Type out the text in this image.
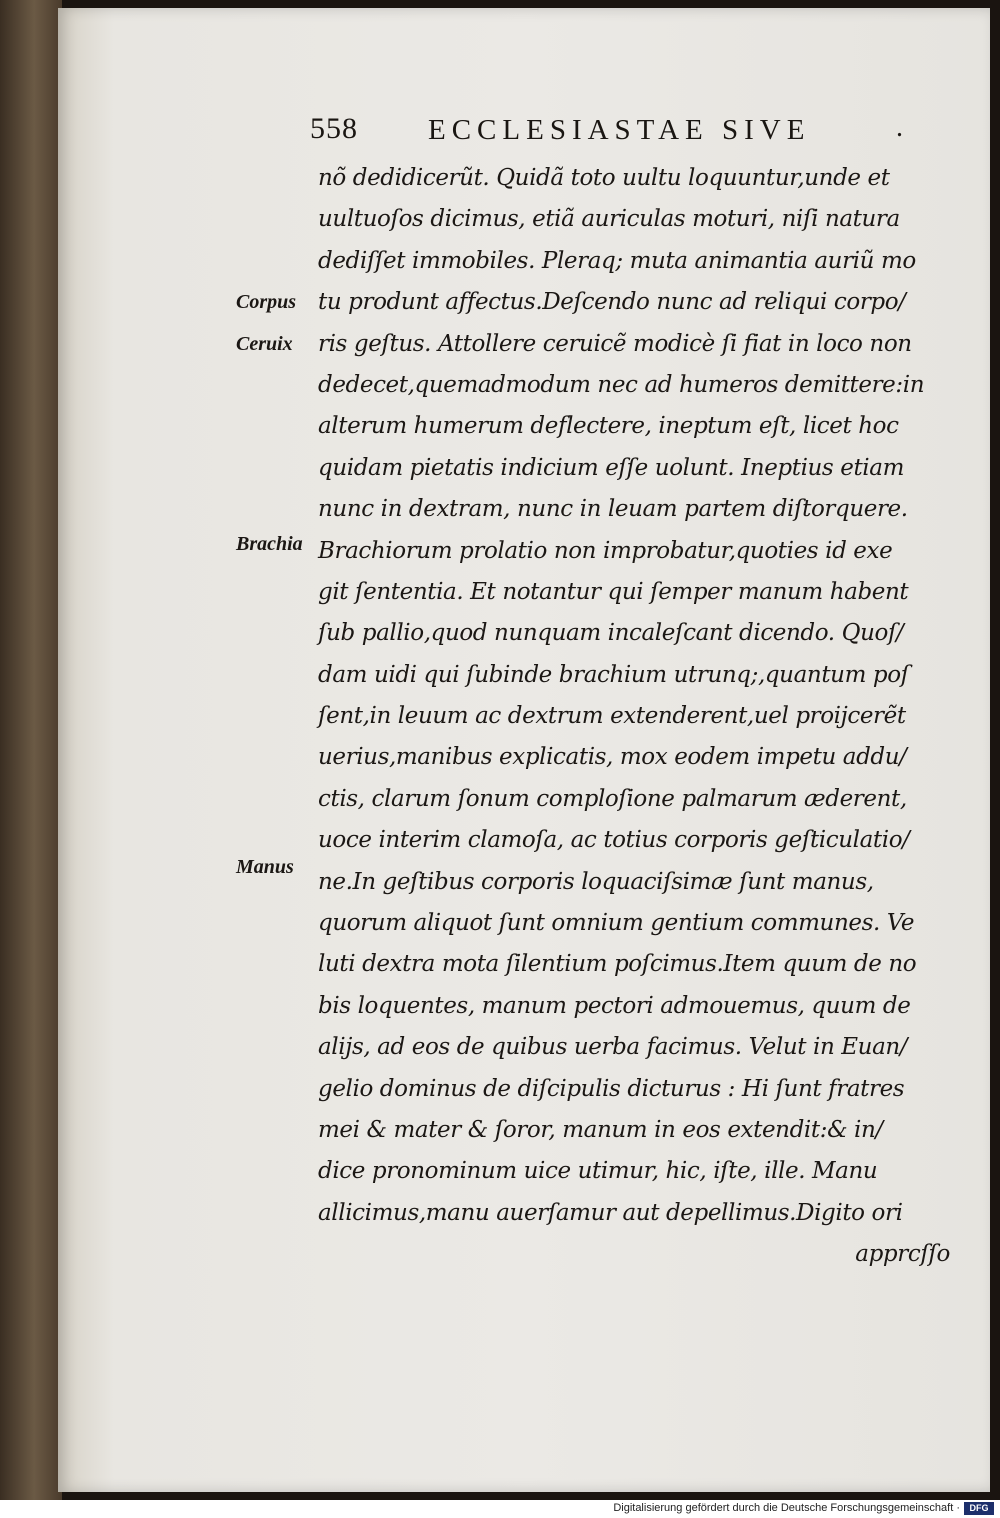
558 ECCLESIASTAE SIVE	.
Corpus
Ceruix
Brachia
Manus
nõ dedidicerũt. Quidã toto uultu loquuntur,unde et
uultuoſos dicimus, etiã auriculas moturi, niſi natura
dediſſet immobiles. Pleraq; muta animantia auriũ mo
tu produnt affectus.Deſcendo nunc ad reliqui corpo/
ris geſtus. Attollere ceruicẽ modicè ſi fiat in loco non
dedecet,quemadmodum nec ad humeros demittere:in
alterum humerum deflectere, ineptum eſt, licet hoc
quidam pietatis indicium eſſe uolunt. Ineptius etiam
nunc in dextram, nunc in leuam partem diſtorquere.
Brachiorum prolatio non improbatur,quoties id exe
git ſententia. Et notantur qui ſemper manum habent
ſub pallio,quod nunquam incaleſcant dicendo. Quoſ/
dam uidi qui ſubinde brachium utrunq;,quantum poſ
ſent,in leuum ac dextrum extenderent,uel proijcerẽt
uerius,manibus explicatis, mox eodem impetu addu/
ctis, clarum ſonum comploſione palmarum æderent,
uoce interim clamoſa, ac totius corporis geſticulatio/
ne.In geſtibus corporis loquaciſsimæ ſunt manus,
quorum aliquot ſunt omnium gentium communes. Ve
luti dextra mota ſilentium poſcimus.Item quum de no
bis loquentes, manum pectori admouemus, quum de
alijs, ad eos de quibus uerba facimus. Velut in Euan/
gelio dominus de diſcipulis dicturus : Hi ſunt fratres
mei & mater & ſoror, manum in eos extendit:& in/
dice pronominum uice utimur, hic, iſte, ille. Manu
allicimus,manu auerſamur aut depellimus.Digito ori
apprcſſo
Digitalisierung gefördert durch die Deutsche Forschungsgemeinschaft ·	DFG
